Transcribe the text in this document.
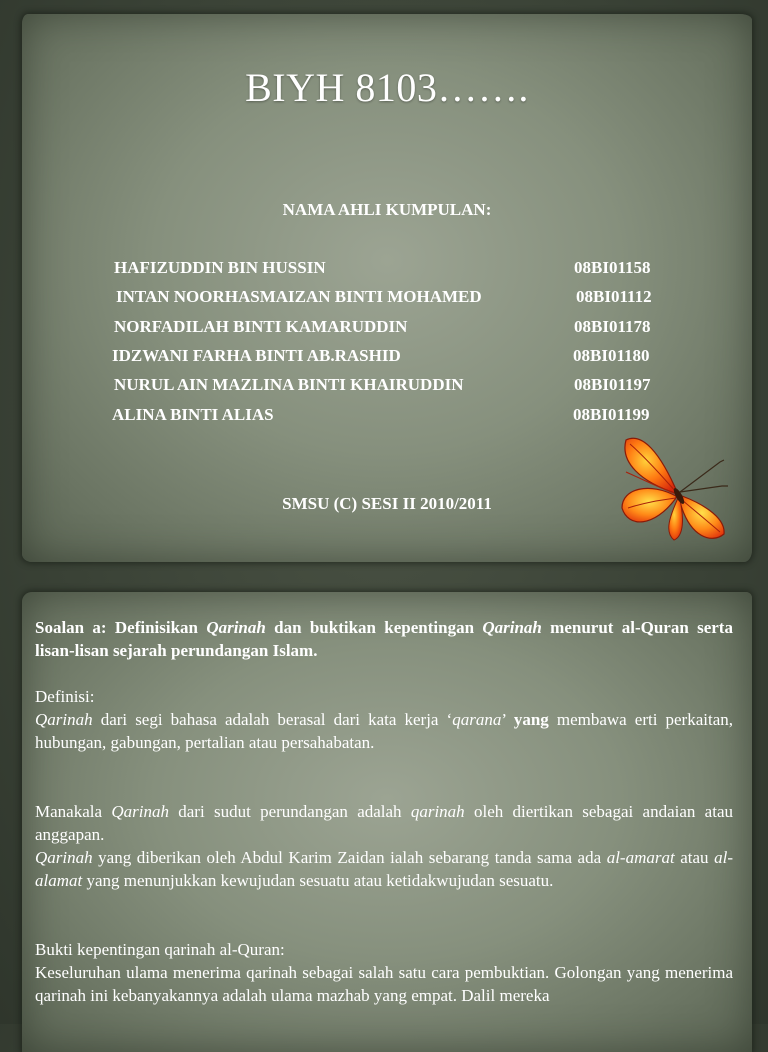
BIYH 8103…….
NAMA AHLI KUMPULAN:
HAFIZUDDIN BIN HUSSIN	08BI01158
INTAN NOORHASMAIZAN BINTI MOHAMED	08BI01112
NORFADILAH BINTI KAMARUDDIN	08BI01178
IDZWANI FARHA BINTI AB.RASHID	08BI01180
NURUL AIN MAZLINA BINTI KHAIRUDDIN	08BI01197
ALINA BINTI ALIAS	08BI01199
SMSU (C) SESI II 2010/2011

Soalan a: Definisikan Qarinah dan buktikan kepentingan Qarinah menurut al-Quran serta lisan-lisan sejarah perundangan Islam.

Definisi:

Qarinah dari segi bahasa adalah berasal dari kata kerja ‘qarana’ yang membawa erti perkaitan, hubungan, gabungan, pertalian atau persahabatan.

Manakala Qarinah dari sudut perundangan adalah qarinah oleh diertikan sebagai andaian atau anggapan.

Qarinah yang diberikan oleh Abdul Karim Zaidan ialah sebarang tanda sama ada al-amarat atau al-alamat yang menunjukkan kewujudan sesuatu atau ketidakwujudan sesuatu.

Bukti kepentingan qarinah al-Quran:

Keseluruhan ulama menerima qarinah sebagai salah satu cara pembuktian. Golongan yang menerima qarinah ini kebanyakannya adalah ulama mazhab yang empat. Dalil mereka
